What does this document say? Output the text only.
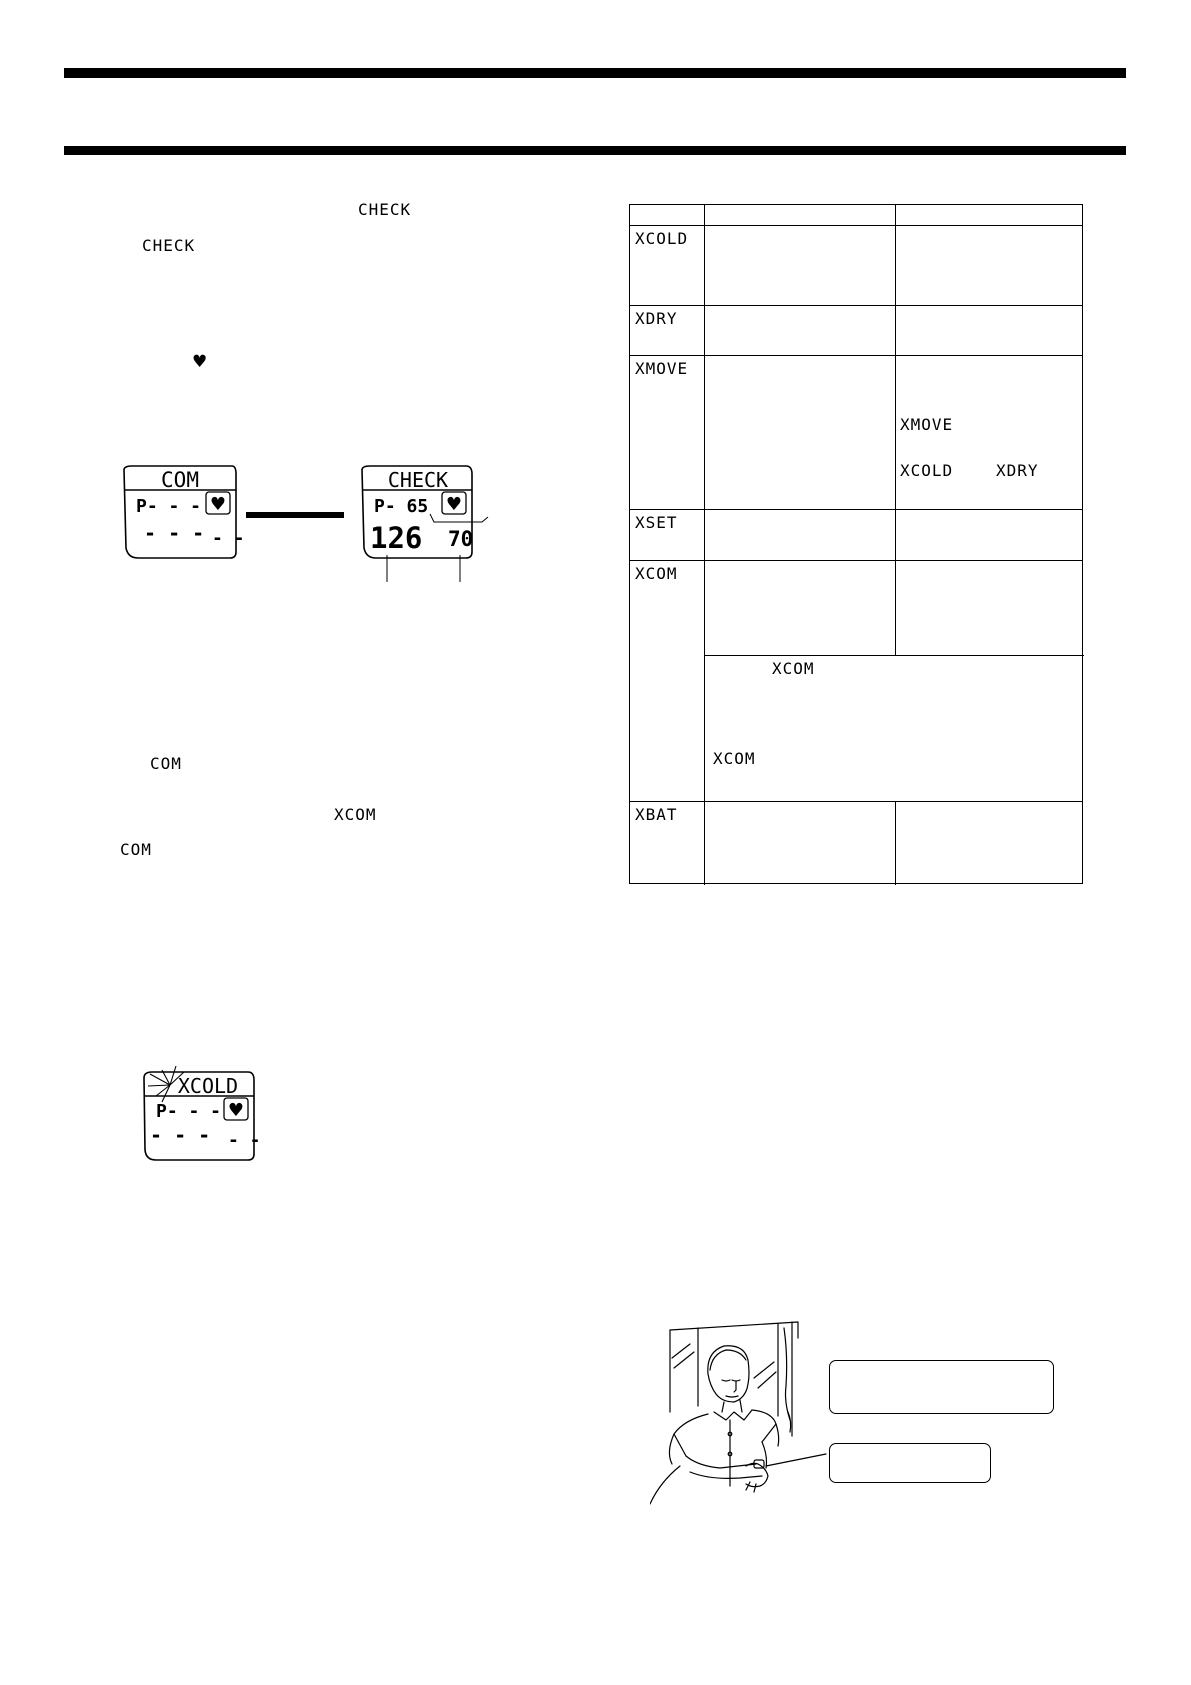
CHECK
CHECK
♥
COM
XCOM
COM
COM
♥
P- - -
- - - - -
CHECK
♥
P- 65
126 70
XCOLD
♥
P- - -
- - - - -
XCOLD
XDRY
XMOVE
XSET
XCOM
XBAT
XMOVE
XCOLD	XDRY
XCOM
XCOM
